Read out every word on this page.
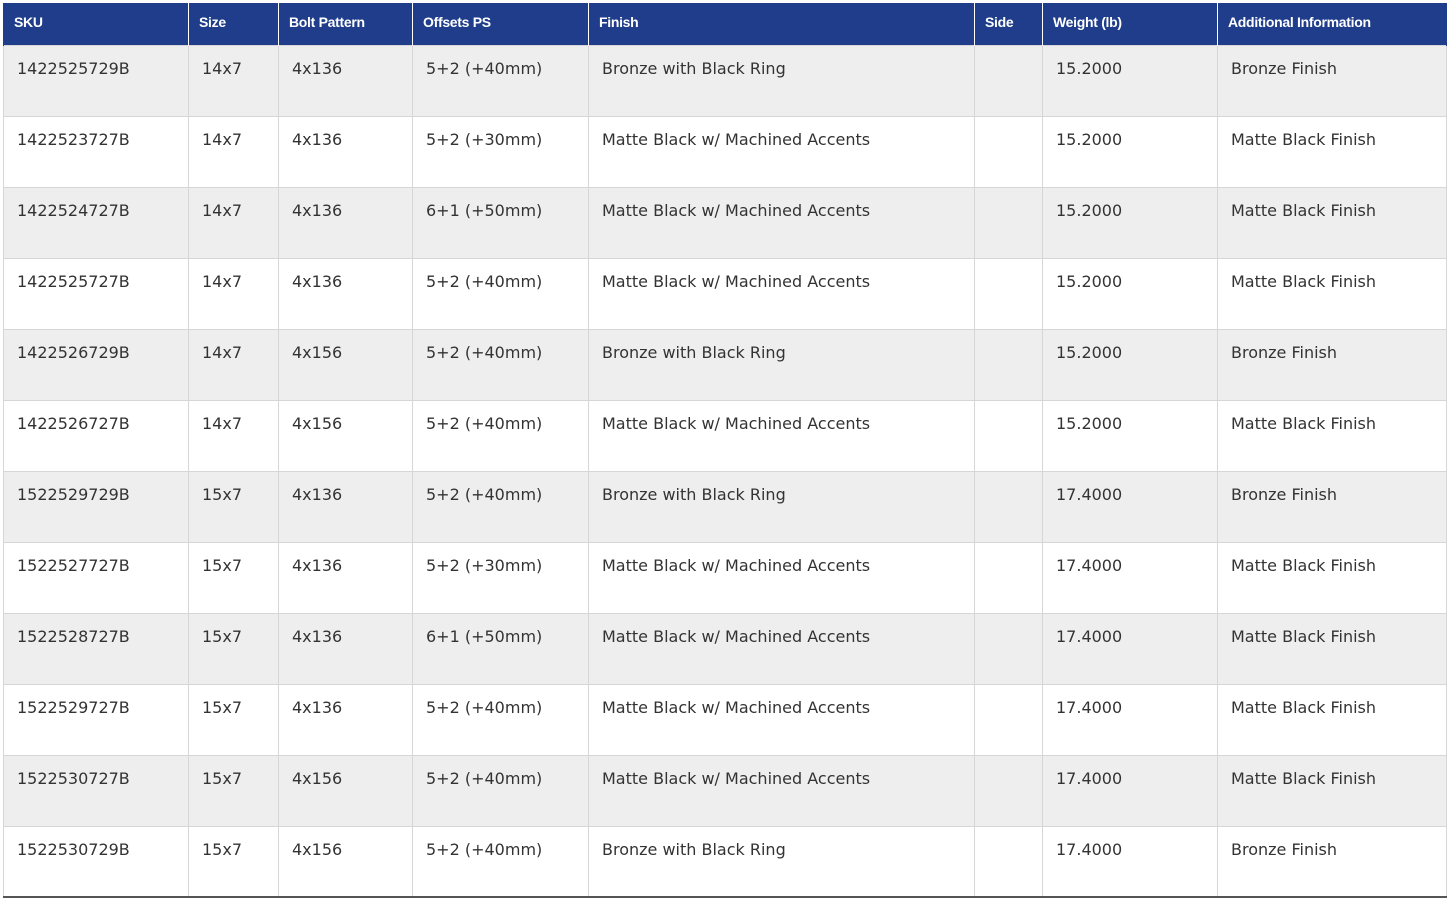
SKU	Size	Bolt Pattern	Offsets PS	Finish	Side	Weight (lb)	Additional Information
1422525729B	14x7	4x136	5+2 (+40mm)	Bronze with Black Ring		15.2000	Bronze Finish
1422523727B	14x7	4x136	5+2 (+30mm)	Matte Black w/ Machined Accents		15.2000	Matte Black Finish
1422524727B	14x7	4x136	6+1 (+50mm)	Matte Black w/ Machined Accents		15.2000	Matte Black Finish
1422525727B	14x7	4x136	5+2 (+40mm)	Matte Black w/ Machined Accents		15.2000	Matte Black Finish
1422526729B	14x7	4x156	5+2 (+40mm)	Bronze with Black Ring		15.2000	Bronze Finish
1422526727B	14x7	4x156	5+2 (+40mm)	Matte Black w/ Machined Accents		15.2000	Matte Black Finish
1522529729B	15x7	4x136	5+2 (+40mm)	Bronze with Black Ring		17.4000	Bronze Finish
1522527727B	15x7	4x136	5+2 (+30mm)	Matte Black w/ Machined Accents		17.4000	Matte Black Finish
1522528727B	15x7	4x136	6+1 (+50mm)	Matte Black w/ Machined Accents		17.4000	Matte Black Finish
1522529727B	15x7	4x136	5+2 (+40mm)	Matte Black w/ Machined Accents		17.4000	Matte Black Finish
1522530727B	15x7	4x156	5+2 (+40mm)	Matte Black w/ Machined Accents		17.4000	Matte Black Finish
1522530729B	15x7	4x156	5+2 (+40mm)	Bronze with Black Ring		17.4000	Bronze Finish
